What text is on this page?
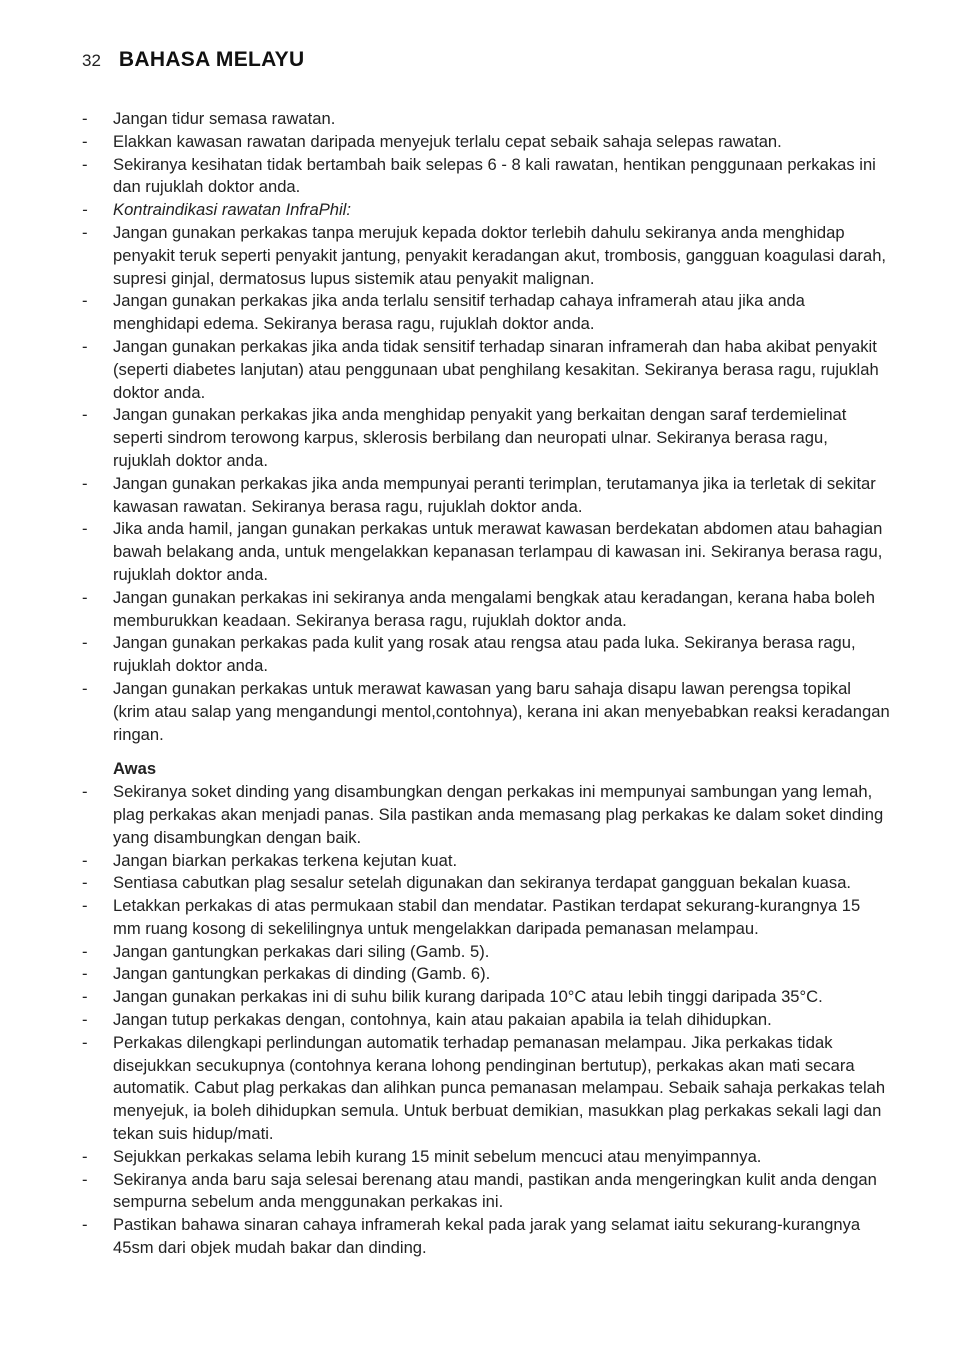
32 BAHASA MELAYU
- Jangan tidur semasa rawatan.
- Elakkan kawasan rawatan daripada menyejuk terlalu cepat sebaik sahaja selepas rawatan.
- Sekiranya kesihatan tidak bertambah baik selepas 6 - 8 kali rawatan, hentikan penggunaan perkakas ini dan rujuklah doktor anda.
- Kontraindikasi rawatan InfraPhil:
- Jangan gunakan perkakas tanpa merujuk kepada doktor terlebih dahulu sekiranya anda menghidap penyakit teruk seperti penyakit jantung, penyakit keradangan akut, trombosis, gangguan koagulasi darah, supresi ginjal, dermatosus lupus sistemik atau penyakit malignan.
- Jangan gunakan perkakas jika anda terlalu sensitif terhadap cahaya inframerah atau jika anda menghidapi edema. Sekiranya berasa ragu, rujuklah doktor anda.
- Jangan gunakan perkakas jika anda tidak sensitif terhadap sinaran inframerah dan haba akibat penyakit (seperti diabetes lanjutan) atau penggunaan ubat penghilang kesakitan. Sekiranya berasa ragu, rujuklah doktor anda.
- Jangan gunakan perkakas jika anda menghidap penyakit yang berkaitan dengan saraf terdemielinat seperti sindrom terowong karpus, sklerosis berbilang dan neuropati ulnar. Sekiranya berasa ragu, rujuklah doktor anda.
- Jangan gunakan perkakas jika anda mempunyai peranti terimplan, terutamanya jika ia terletak di sekitar kawasan rawatan. Sekiranya berasa ragu, rujuklah doktor anda.
- Jika anda hamil, jangan gunakan perkakas untuk merawat kawasan berdekatan abdomen atau bahagian bawah belakang anda, untuk mengelakkan kepanasan terlampau di kawasan ini. Sekiranya berasa ragu, rujuklah doktor anda.
- Jangan gunakan perkakas ini sekiranya anda mengalami bengkak atau keradangan, kerana haba boleh memburukkan keadaan. Sekiranya berasa ragu, rujuklah doktor anda.
- Jangan gunakan perkakas pada kulit yang rosak atau rengsa atau pada luka. Sekiranya berasa ragu, rujuklah doktor anda.
- Jangan gunakan perkakas untuk merawat kawasan yang baru sahaja disapu lawan perengsa topikal (krim atau salap yang mengandungi mentol,contohnya), kerana ini akan menyebabkan reaksi keradangan ringan.
Awas
- Sekiranya soket dinding yang disambungkan dengan perkakas ini mempunyai sambungan yang lemah, plag perkakas akan menjadi panas. Sila pastikan anda memasang plag perkakas ke dalam soket dinding yang disambungkan dengan baik.
- Jangan biarkan perkakas terkena kejutan kuat.
- Sentiasa cabutkan plag sesalur setelah digunakan dan sekiranya terdapat gangguan bekalan kuasa.
- Letakkan perkakas di atas permukaan stabil dan mendatar. Pastikan terdapat sekurang-kurangnya 15 mm ruang kosong di sekelilingnya untuk mengelakkan daripada pemanasan melampau.
- Jangan gantungkan perkakas dari siling (Gamb. 5).
- Jangan gantungkan perkakas di dinding (Gamb. 6).
- Jangan gunakan perkakas ini di suhu bilik kurang daripada 10°C atau lebih tinggi daripada 35°C.
- Jangan tutup perkakas dengan, contohnya, kain atau pakaian apabila ia telah dihidupkan.
- Perkakas dilengkapi perlindungan automatik terhadap pemanasan melampau. Jika perkakas tidak disejukkan secukupnya (contohnya kerana lohong pendinginan bertutup), perkakas akan mati secara automatik. Cabut plag perkakas dan alihkan punca pemanasan melampau. Sebaik sahaja perkakas telah menyejuk, ia boleh dihidupkan semula. Untuk berbuat demikian, masukkan plag perkakas sekali lagi dan tekan suis hidup/mati.
- Sejukkan perkakas selama lebih kurang 15 minit sebelum mencuci atau menyimpannya.
- Sekiranya anda baru saja selesai berenang atau mandi, pastikan anda mengeringkan kulit anda dengan sempurna sebelum anda menggunakan perkakas ini.
- Pastikan bahawa sinaran cahaya inframerah kekal pada jarak yang selamat iaitu sekurang-kurangnya 45sm dari objek mudah bakar dan dinding.
